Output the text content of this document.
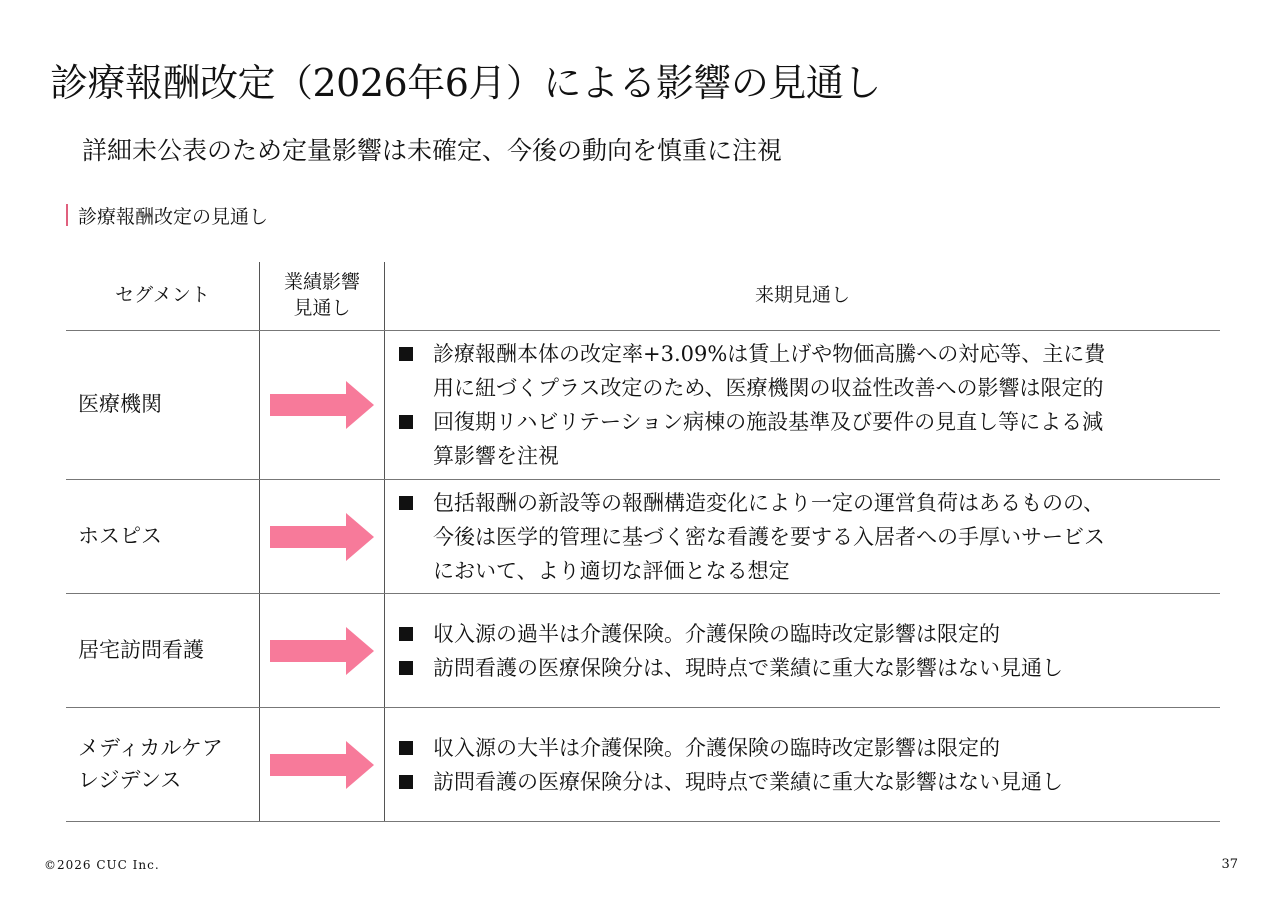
診療報酬改定（2026年6月）による影響の見通し
詳細未公表のため定量影響は未確定、今後の動向を慎重に注視
診療報酬改定の見通し
セグメント
業績影響
見通し
来期見通し
医療機関
診療報酬本体の改定率+3.09%は賃上げや物価高騰への対応等、主に費
用に紐づくプラス改定のため、医療機関の収益性改善への影響は限定的
回復期リハビリテーション病棟の施設基準及び要件の見直し等による減
算影響を注視
ホスピス
包括報酬の新設等の報酬構造変化により一定の運営負荷はあるものの、
今後は医学的管理に基づく密な看護を要する入居者への手厚いサービス
において、より適切な評価となる想定
居宅訪問看護
収入源の過半は介護保険。介護保険の臨時改定影響は限定的
訪問看護の医療保険分は、現時点で業績に重大な影響はない見通し
メディカルケア
レジデンス
収入源の大半は介護保険。介護保険の臨時改定影響は限定的
訪問看護の医療保険分は、現時点で業績に重大な影響はない見通し
©2026 CUC Inc.	37
